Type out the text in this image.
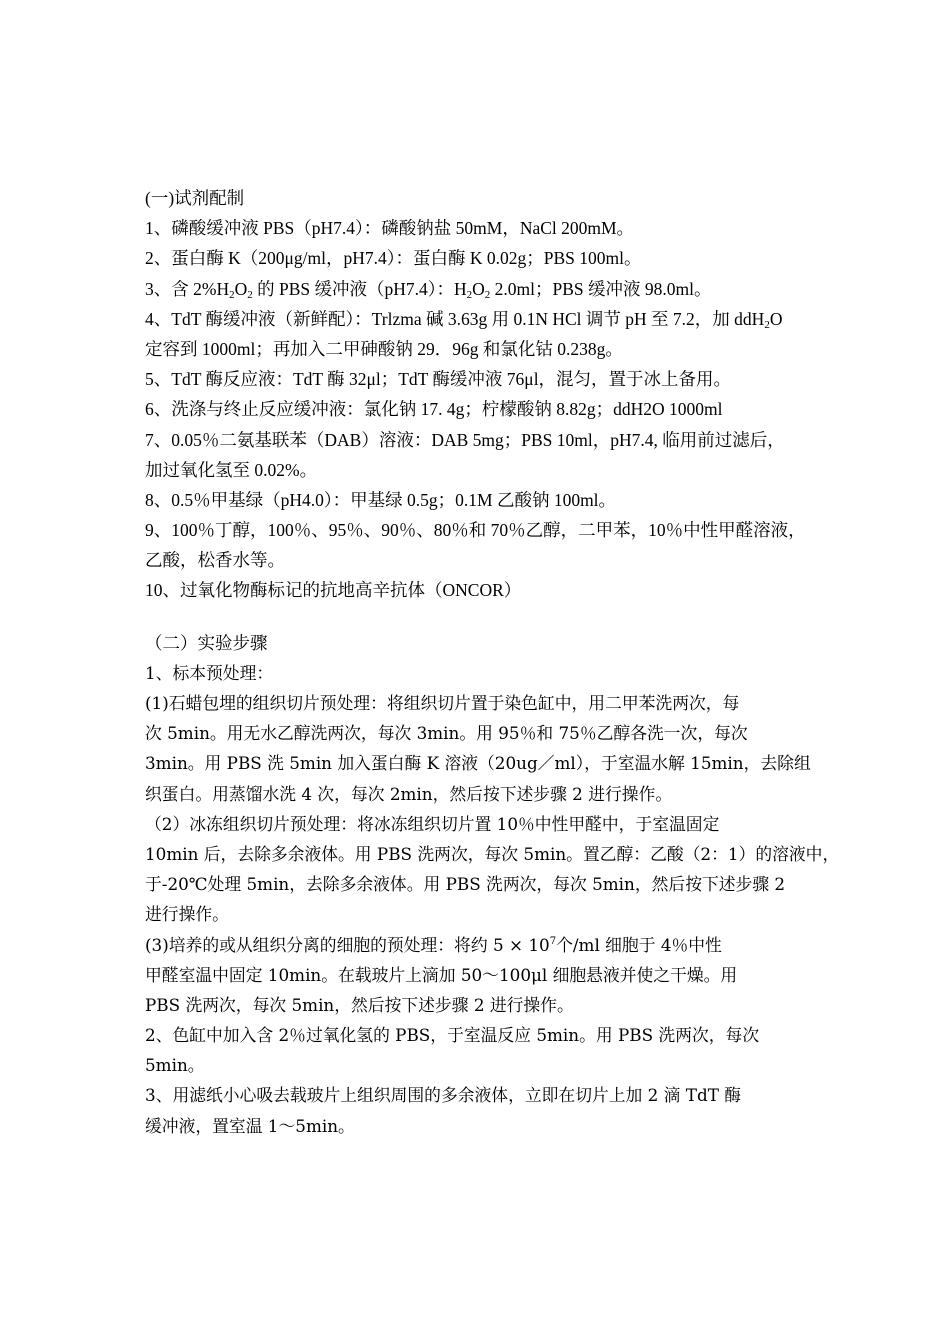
(一)试剂配制
1、磷酸缓冲液 PBS（pH7.4）：磷酸钠盐 50mM，NaCl 200mM。
2、蛋白酶 K（200μg/ml，pH7.4）：蛋白酶 K 0.02g；PBS 100ml。
3、含 $2\%H_2O_2$ 的 PBS 缓冲液（pH7.4）：$H_2O_2$ 2.0ml；PBS 缓冲液 98.0ml。
4、TdT 酶缓冲液（新鲜配）：Trlzma 碱 3.63g 用 0.1N HCl 调节 pH 至 7.2，加 ddH$_2$O
定容到 1000ml；再加入二甲砷酸钠 29．96g 和氯化钴 0.238g。
5、TdT 酶反应液：TdT 酶 32μl；TdT 酶缓冲液 76μl，混匀，置于冰上备用。
6、洗涤与终止反应缓冲液：氯化钠 17. 4g；柠檬酸钠 8.82g；ddH2O 1000ml
7、0.05％二氨基联苯（DAB）溶液：DAB 5mg；PBS 10ml，pH7.4, 临用前过滤后，
加过氧化氢至 0.02%。
8、0.5％甲基绿（pH4.0）：甲基绿 0.5g；0.1M 乙酸钠 100ml。
9、100％丁醇，100％、95％、90％、80％和 70％乙醇，二甲苯，10％中性甲醛溶液，
乙酸，松香水等。
10、过氧化物酶标记的抗地高辛抗体（ONCOR）
（二）实验步骤
1、标本预处理：
(1)石蜡包埋的组织切片预处理：将组织切片置于染色缸中，用二甲苯洗两次，每
次 5min。用无水乙醇洗两次，每次 3min。用 95％和 75％乙醇各洗一次，每次
3min。用 PBS 洗 5min 加入蛋白酶 K 溶液（20ug／ml），于室温水解 15min，去除组
织蛋白。用蒸馏水洗 4 次，每次 2min，然后按下述步骤 2 进行操作。
（2）冰冻组织切片预处理：将冰冻组织切片置 10％中性甲醛中，于室温固定
10min 后，去除多余液体。用 PBS 洗两次，每次 5min。置乙醇：乙酸（2：1）的溶液中，
于-20℃处理 5min，去除多余液体。用 PBS 洗两次，每次 5min，然后按下述步骤 2
进行操作。
(3)培养的或从组织分离的细胞的预处理：将约 $5 \times 10^7$个/ml 细胞于 4％中性
甲醛室温中固定 10min。在载玻片上滴加 50～100μl 细胞悬液并使之干燥。用
PBS 洗两次，每次 5min，然后按下述步骤 2 进行操作。
2、色缸中加入含 2％过氧化氢的 PBS，于室温反应 5min。用 PBS 洗两次，每次
5min。
3、用滤纸小心吸去载玻片上组织周围的多余液体，立即在切片上加 2 滴 TdT 酶
缓冲液，置室温 1～5min。
